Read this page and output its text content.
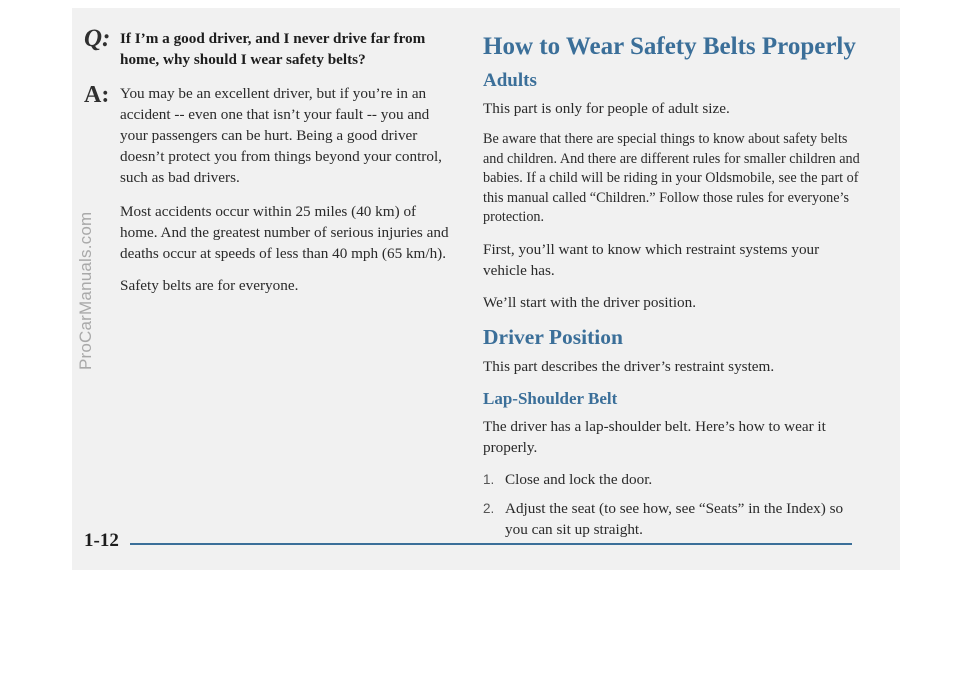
ProCarManuals.com
Q: If I’m a good driver, and I never drive far from home, why should I wear safety belts?
A: You may be an excellent driver, but if you’re in an accident -- even one that isn’t your fault -- you and your passengers can be hurt. Being a good driver doesn’t protect you from things beyond your control, such as bad drivers.

Most accidents occur within 25 miles (40 km) of home. And the greatest number of serious injuries and deaths occur at speeds of less than 40 mph (65 km/h).

Safety belts are for everyone.

How to Wear Safety Belts Properly
Adults

This part is only for people of adult size.

Be aware that there are special things to know about safety belts and children. And there are different rules for smaller children and babies. If a child will be riding in your Oldsmobile, see the part of this manual called “Children.” Follow those rules for everyone’s protection.

First, you’ll want to know which restraint systems your vehicle has.

We’ll start with the driver position.

Driver Position

This part describes the driver’s restraint system.

Lap-Shoulder Belt

The driver has a lap-shoulder belt. Here’s how to wear it properly.

1. Close and lock the door.
2. Adjust the seat (to see how, see “Seats” in the Index) so you can sit up straight.
1-12
